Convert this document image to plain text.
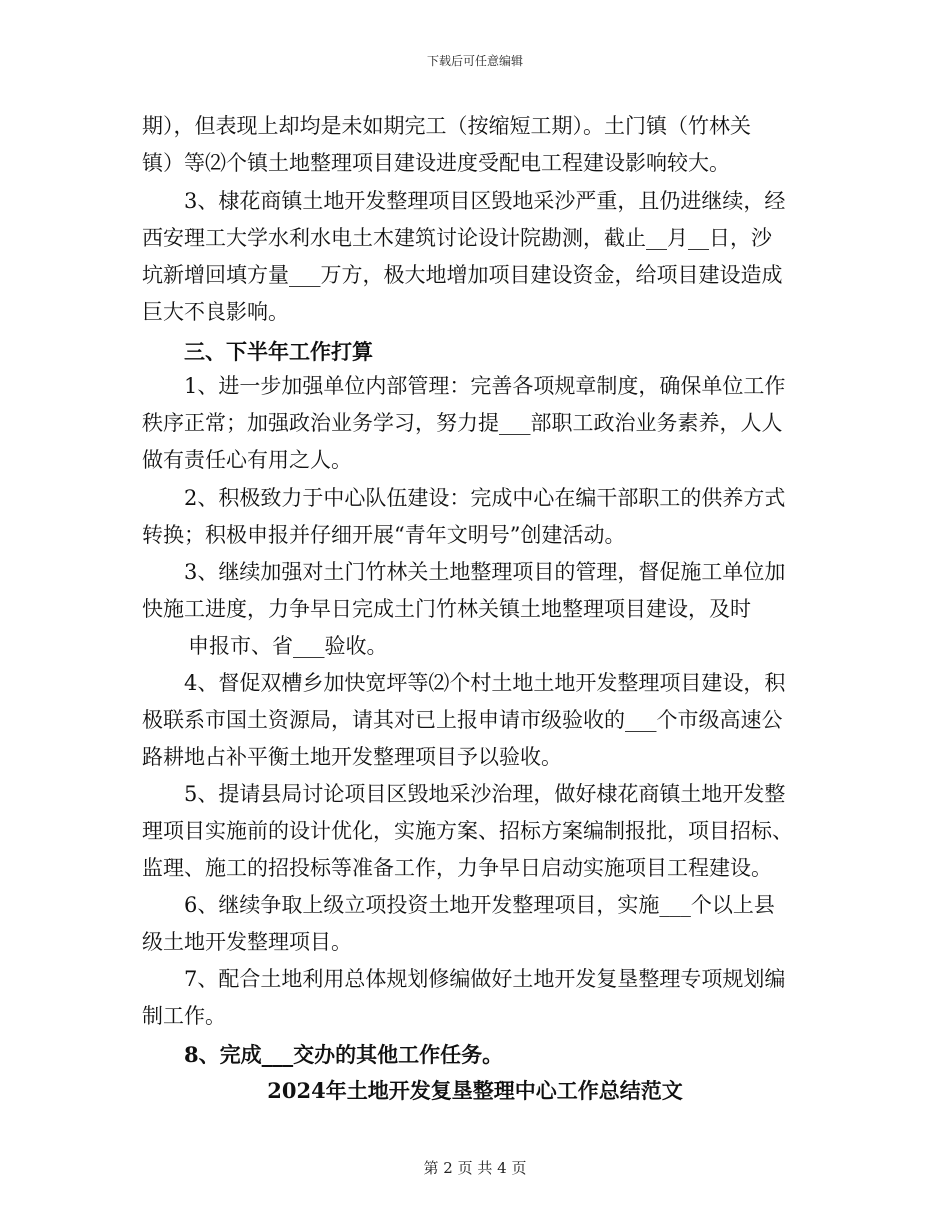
下载后可任意编辑
期），但表现上却均是未如期完工（按缩短工期）。土门镇（竹林关
镇）等⑵个镇土地整理项目建设进度受配电工程建设影响较大。
3、棣花商镇土地开发整理项目区毁地采沙严重，且仍进继续，经
西安理工大学水利水电土木建筑讨论设计院勘测，截止__月__日，沙
坑新增回填方量___万方，极大地增加项目建设资金，给项目建设造成
巨大不良影响。
三、下半年工作打算
1、进一步加强单位内部管理：完善各项规章制度，确保单位工作
秩序正常；加强政治业务学习，努力提___部职工政治业务素养，人人
做有责任心有用之人。
2、积极致力于中心队伍建设：完成中心在编干部职工的供养方式
转换；积极申报并仔细开展“青年文明号”创建活动。
3、继续加强对土门竹林关土地整理项目的管理，督促施工单位加
快施工进度，力争早日完成土门竹林关镇土地整理项目建设，及时
申报市、省___验收。
4、督促双槽乡加快宽坪等⑵个村土地土地开发整理项目建设，积
极联系市国土资源局，请其对已上报申请市级验收的___个市级高速公
路耕地占补平衡土地开发整理项目予以验收。
5、提请县局讨论项目区毁地采沙治理，做好棣花商镇土地开发整
理项目实施前的设计优化，实施方案、招标方案编制报批，项目招标、
监理、施工的招投标等准备工作，力争早日启动实施项目工程建设。
6、继续争取上级立项投资土地开发整理项目，实施___个以上县
级土地开发整理项目。
7、配合土地利用总体规划修编做好土地开发复垦整理专项规划编
制工作。
8、完成___交办的其他工作任务。
2024年土地开发复垦整理中心工作总结范文
第 2 页 共 4 页
